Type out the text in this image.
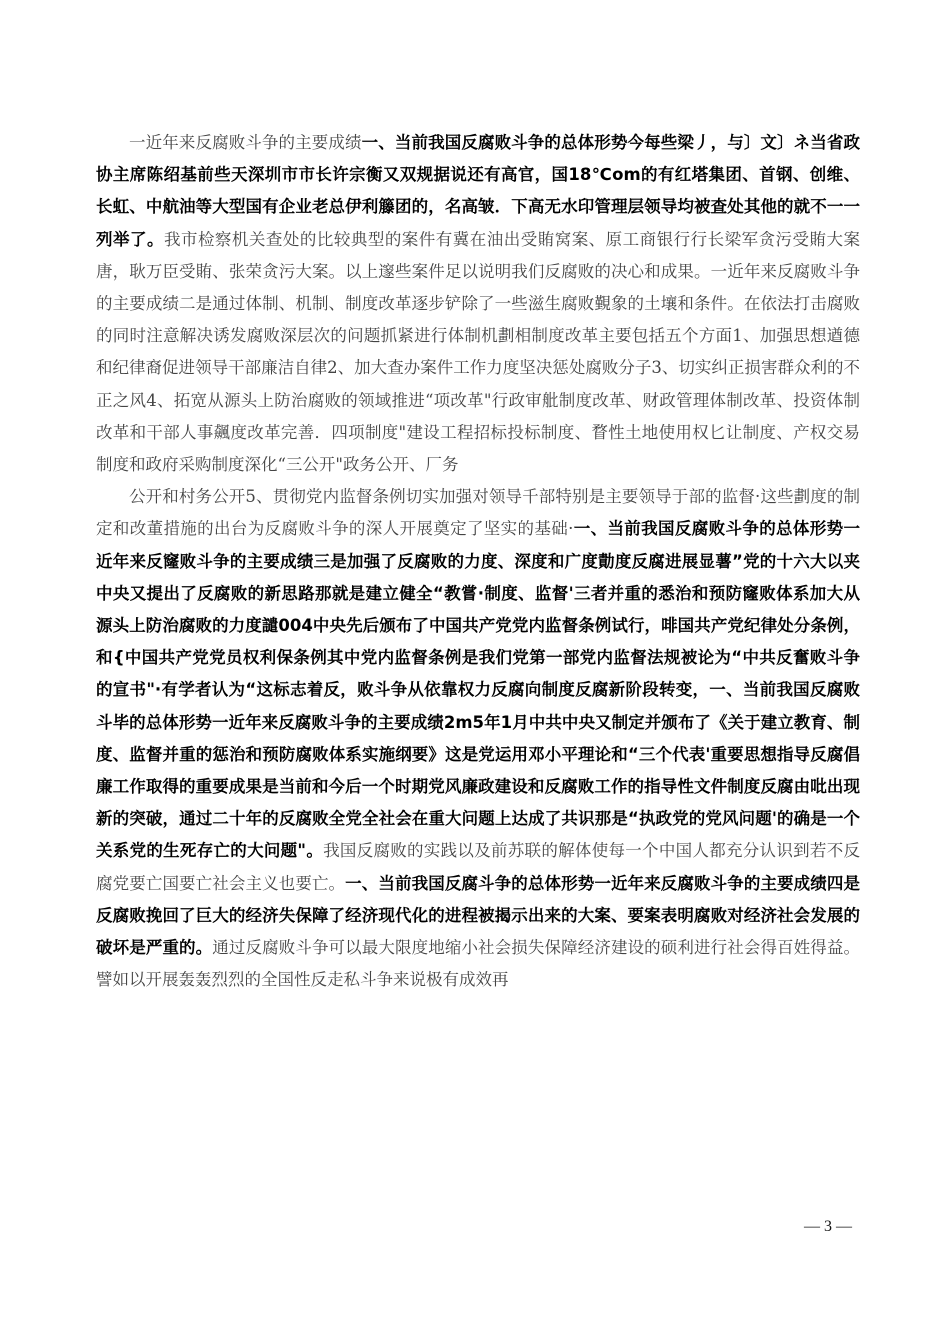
一近年来反腐败斗争的主要成绩一、当前我国反腐败斗争的总体形势今每些梁丿，与〕文〕ネ当省政协主席陈绍基前些天深圳市市长许宗衡又双规据说还有高官，国18℃om的有红塔集团、首钢、创维、长虹、中航油等大型国有企业老总伊利籐团的，名高皱．下高无水印管理层领导均被查处其他的就不一一列举了。我市检察机关查处的比较典型的案件有冀在油出受賄窝案、原工商银行行长梁军贪污受賄大案唐，耿万臣受賄、张荣贪污大案。以上邃些案件足以说明我们反腐败的决心和成果。一近年来反腐败斗争的主要成绩二是通过体制、机制、制度改革逐步铲除了一些滋生腐败覲象的土壤和条件。在依法打击腐败的同时注意解决诱发腐败深层次的问题抓紧进行体制机劃相制度改革主要包括五个方面1、加强思想遒德和纪律裔促进领导干部廉洁自律2、加大查办案件工作力度坚决惩处腐败分子3、切实纠正损害群众利的不正之风4、拓宽从源头上防治腐败的领域推进“项改革"行政审舭制度改革、财政管理体制改革、投资体制改革和干部人事飆度改革完善．四项制度"建设工程招标投标制度、瞀性土地使用权匕让制度、产权交易制度和政府采购制度深化“三公开"政务公开、厂务

公开和村务公开5、贯彻党内监督条例切实加强对领导千部特别是主要领导于部的监督·这些劃度的制定和改董措施的出台为反腐败斗争的深人开展奠定了坚实的基础·一、当前我国反腐败斗争的总体形势一近年来反窿败斗争的主要成绩三是加强了反腐败的力度、深度和广度勣度反腐进展显薯”党的十六大以夹中央又提出了反腐败的新思路那就是建立健全“教嘗·制度、监督'三者并重的悉治和预防窿败体系加大从源头上防治腐败的力度譴004中央先后颁布了中国共产党党内监督条例试行，啡国共产党纪律处分条例，和{中国共产党党员权利保条例其中党内监督条例是我们党第一部党内监督法规被论为“中共反奮败斗争的宣书"·有学者认为“这标志着反，败斗争从依靠权力反腐向制度反腐新阶段转变，一、当前我国反腐败斗毕的总体形势一近年来反腐败斗争的主要成绩2m5年1月中共中央又制定并颁布了《关于建立教育、制度、监督并重的惩治和预防腐败体系实施纲要》这是党运用邓小平理论和“三个代表'重要思想指导反腐倡廉工作取得的重要成果是当前和今后一个时期党风廉政建设和反腐败工作的指导性文件制度反腐由吡出现新的突破，通过二十年的反腐败全党全社会在重大问题上达成了共识那是“执政党的党风问题'的确是一个关系党的生死存亡的大问题"。我国反腐败的实践以及前苏联的解体使每一个中国人都充分认识到若不反腐党要亡国要亡社会主义也要亡。一、当前我国反腐斗争的总体形势一近年来反腐败斗争的主要成绩四是反腐败挽回了巨大的经济失保障了经济现代化的进程被揭示出来的大案、要案表明腐败对经济社会发展的破坏是严重的。通过反腐败斗争可以最大限度地缩小社会损失保障经济建设的硕利进行社会得百姓得益。譬如以开展轰轰烈烈的全国性反走私斗争来说极有成效再

— 3 —
